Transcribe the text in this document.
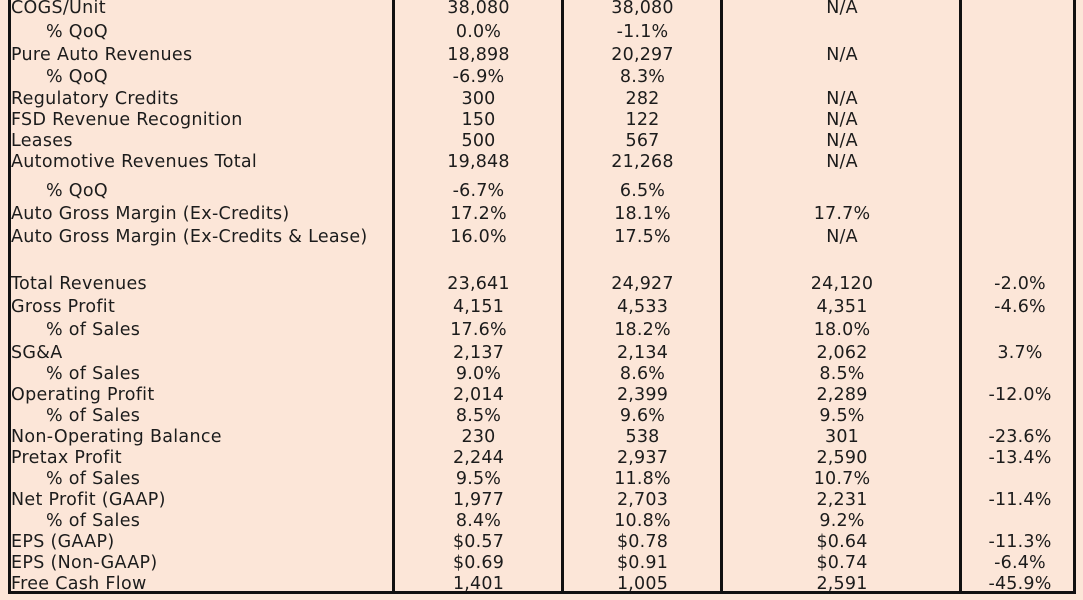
COGS/Unit	38,080	38,080	N/A
% QoQ	0.0%	-1.1%
Pure Auto Revenues	18,898	20,297	N/A
% QoQ	-6.9%	8.3%
Regulatory Credits	300	282	N/A
FSD Revenue Recognition	150	122	N/A
Leases	500	567	N/A
Automotive Revenues Total	19,848	21,268	N/A
% QoQ	-6.7%	6.5%
Auto Gross Margin (Ex-Credits)	17.2%	18.1%	17.7%
Auto Gross Margin (Ex-Credits & Lease)	16.0%	17.5%	N/A
Total Revenues	23,641	24,927	24,120	-2.0%
Gross Profit	4,151	4,533	4,351	-4.6%
% of Sales	17.6%	18.2%	18.0%
SG&A	2,137	2,134	2,062	3.7%
% of Sales	9.0%	8.6%	8.5%
Operating Profit	2,014	2,399	2,289	-12.0%
% of Sales	8.5%	9.6%	9.5%
Non-Operating Balance	230	538	301	-23.6%
Pretax Profit	2,244	2,937	2,590	-13.4%
% of Sales	9.5%	11.8%	10.7%
Net Profit (GAAP)	1,977	2,703	2,231	-11.4%
% of Sales	8.4%	10.8%	9.2%
EPS (GAAP)	$0.57	$0.78	$0.64	-11.3%
EPS (Non-GAAP)	$0.69	$0.91	$0.74	-6.4%
Free Cash Flow	1,401	1,005	2,591	-45.9%
